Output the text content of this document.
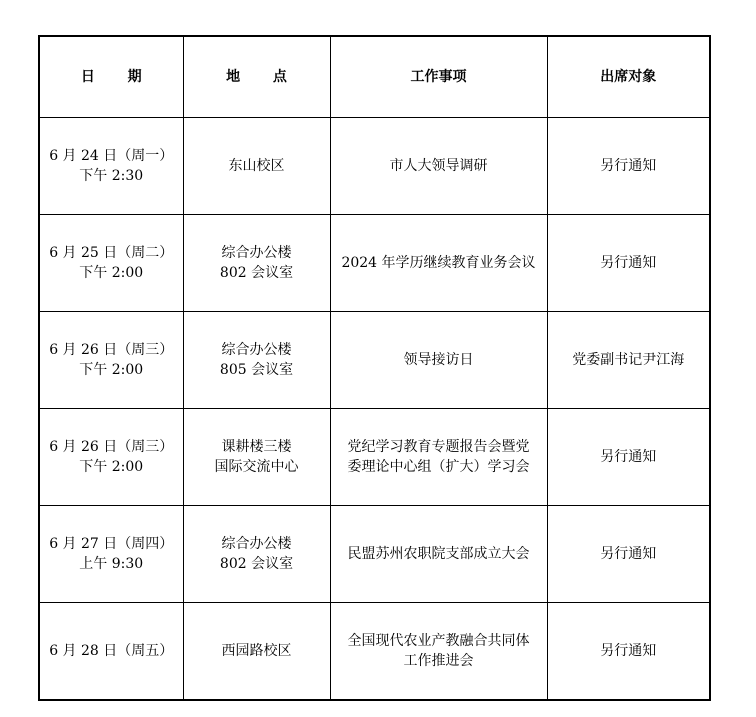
日 期	地 点	工作事项	出席对象

6 月 24 日（周一）
下午 2:30	东山校区	市人大领导调研	另行通知

6 月 25 日（周二）
下午 2:00	综合办公楼
802 会议室	2024 年学历继续教育业务会议	另行通知

6 月 26 日（周三）
下午 2:00	综合办公楼
805 会议室	领导接访日	党委副书记尹江海

6 月 26 日（周三）
下午 2:00	课耕楼三楼
国际交流中心	党纪学习教育专题报告会暨党
委理论中心组（扩大）学习会	另行通知

6 月 27 日（周四）
上午 9:30	综合办公楼
802 会议室	民盟苏州农职院支部成立大会	另行通知

6 月 28 日（周五）	西园路校区	全国现代农业产教融合共同体
工作推进会	另行通知
